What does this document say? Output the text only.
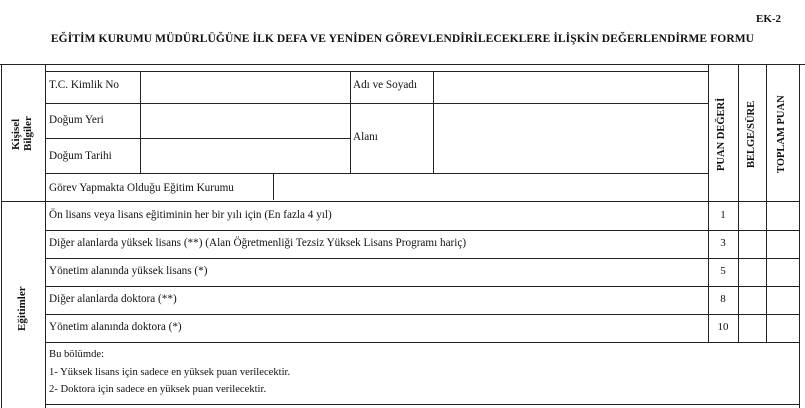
EK-2
EĞİTİM KURUMU MÜDÜRLÜĞÜNE İLK DEFA VE YENİDEN GÖREVLENDİRİLECEKLERE İLİŞKİN DEĞERLENDİRME FORMU
T.C. Kimlik No	Adı ve Soyadı
Doğum Yeri
Alanı
Doğum Tarihi
Görev Yapmakta Olduğu Eğitim Kurumu
Kişisel
Bilgiler	PUAN DEĞERİ BELGE/SÜRE TOPLAM PUAN
Ön lisans veya lisans eğitiminin her bir yılı için (En fazla 4 yıl)	1
Diğer alanlarda yüksek lisans (**) (Alan Öğretmenliği Tezsiz Yüksek Lisans Programı hariç)	3
Yönetim alanında yüksek lisans (*)	5
Diğer alanlarda doktora (**)	8
Yönetim alanında doktora (*)	10
Eğitimler
Bu bölümde:
1- Yüksek lisans için sadece en yüksek puan verilecektir.
2- Doktora için sadece en yüksek puan verilecektir.
